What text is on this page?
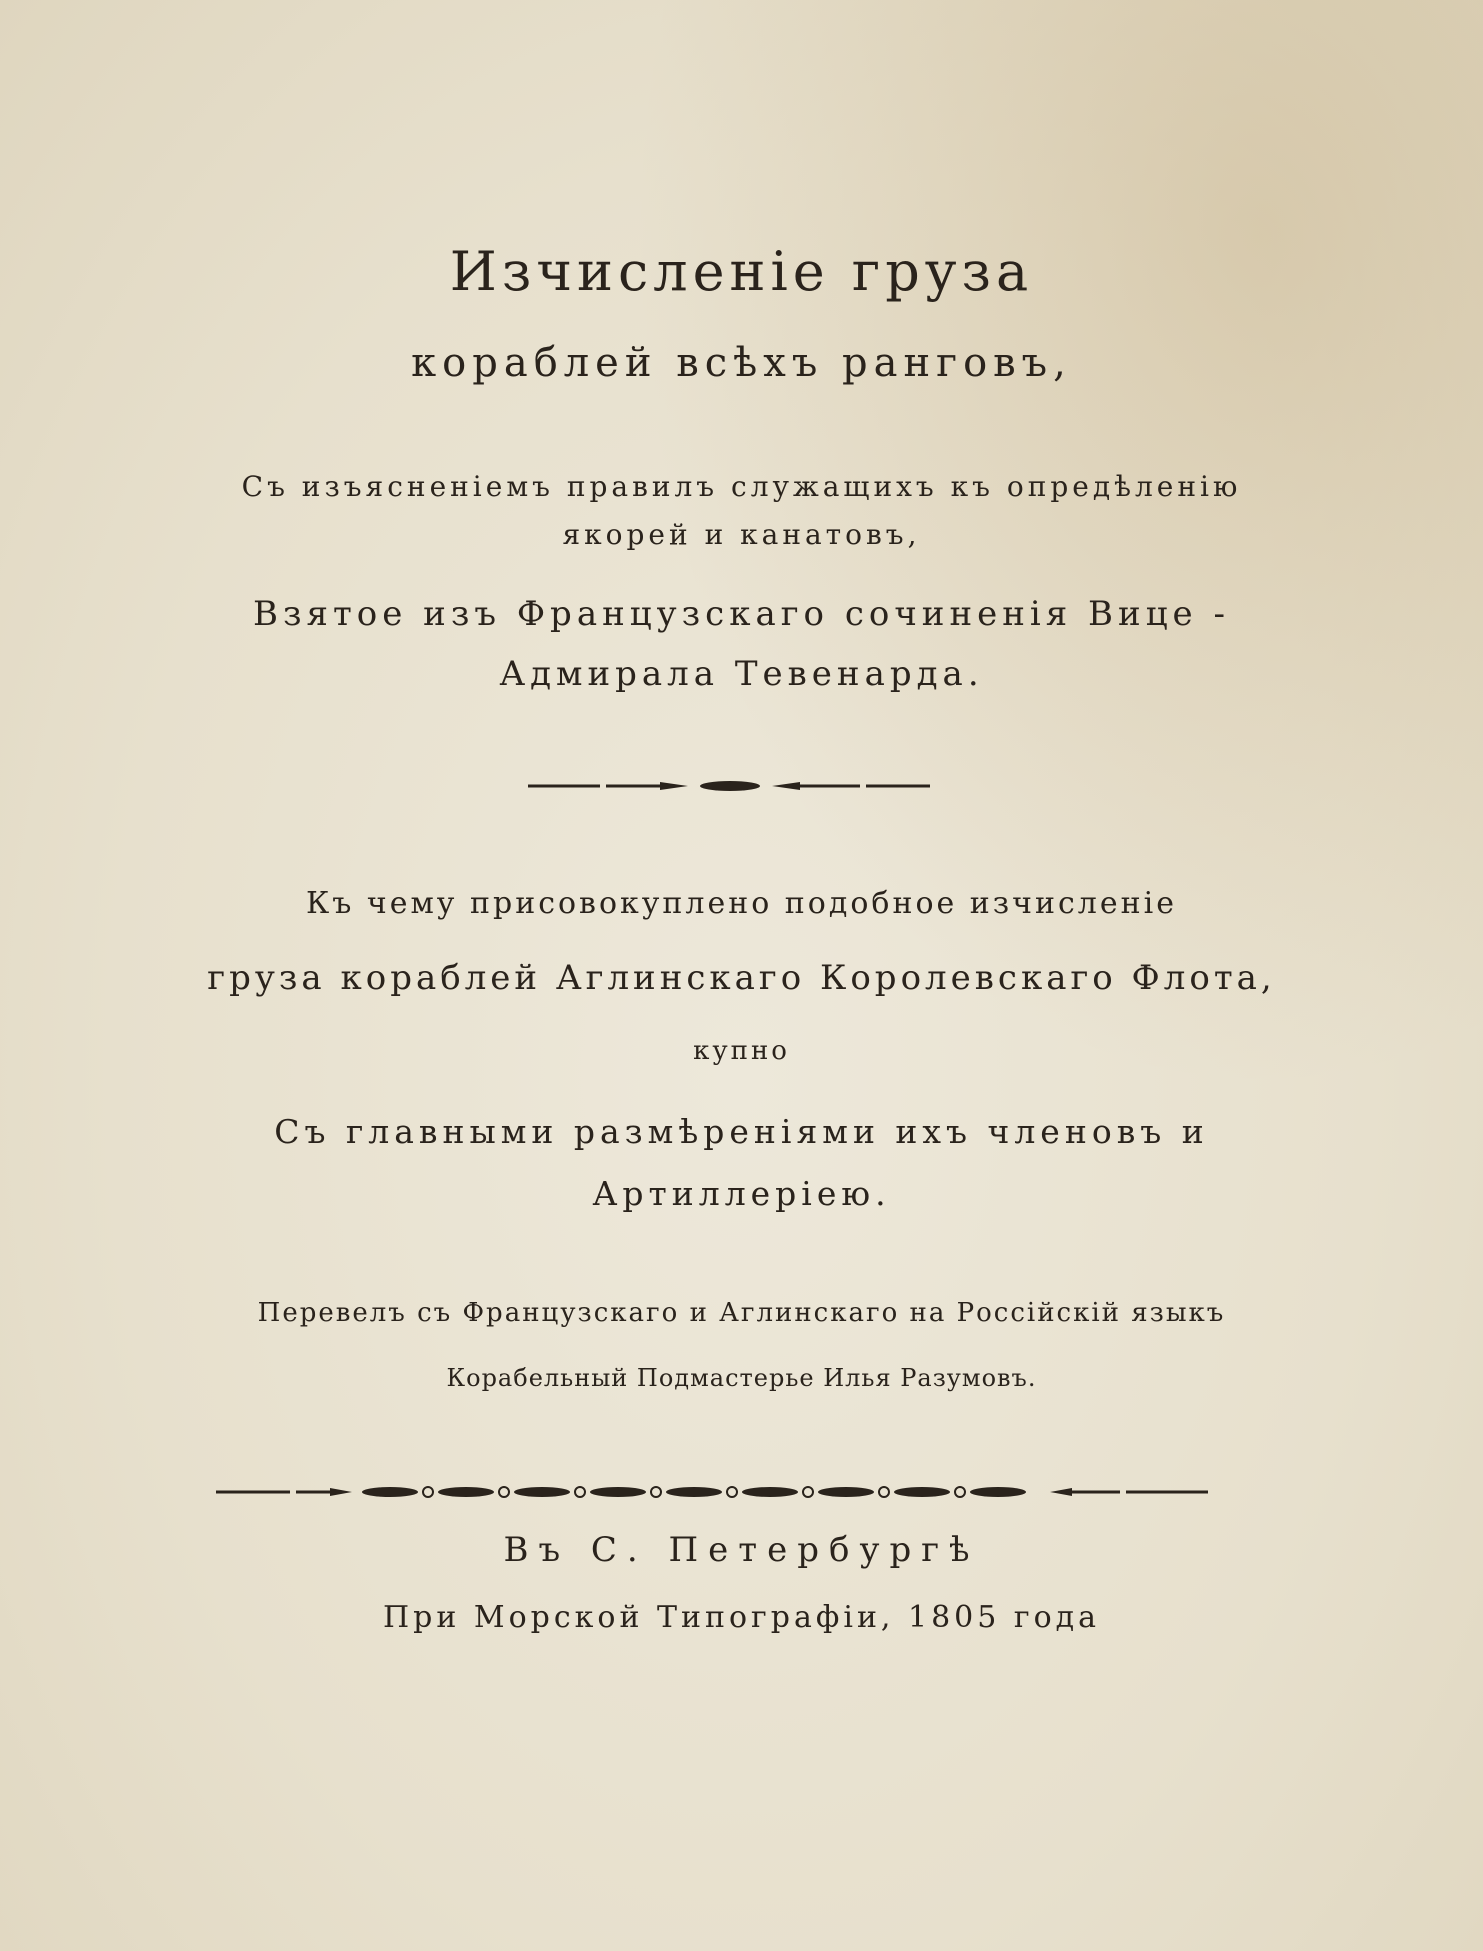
Изчисленіе груза
кораблей всѣхъ ранговъ,
Съ изъясненіемъ правилъ служащихъ къ опредѣленію
якорей и канатовъ,
Взятое изъ Французскаго сочиненія Вице -
Адмирала Тевенарда.
Къ чему присовокуплено подобное изчисленіе
груза кораблей Аглинскаго Королевскаго Флота,
купно
Съ главными размѣреніями ихъ членовъ и
Артиллеріею.
Перевелъ съ Французскаго и Аглинскаго на Россійскій языкъ
Корабельный Подмастерье Илья Разумовъ.
Въ С. Петербургѣ
При Морской Типографіи, 1805 года
